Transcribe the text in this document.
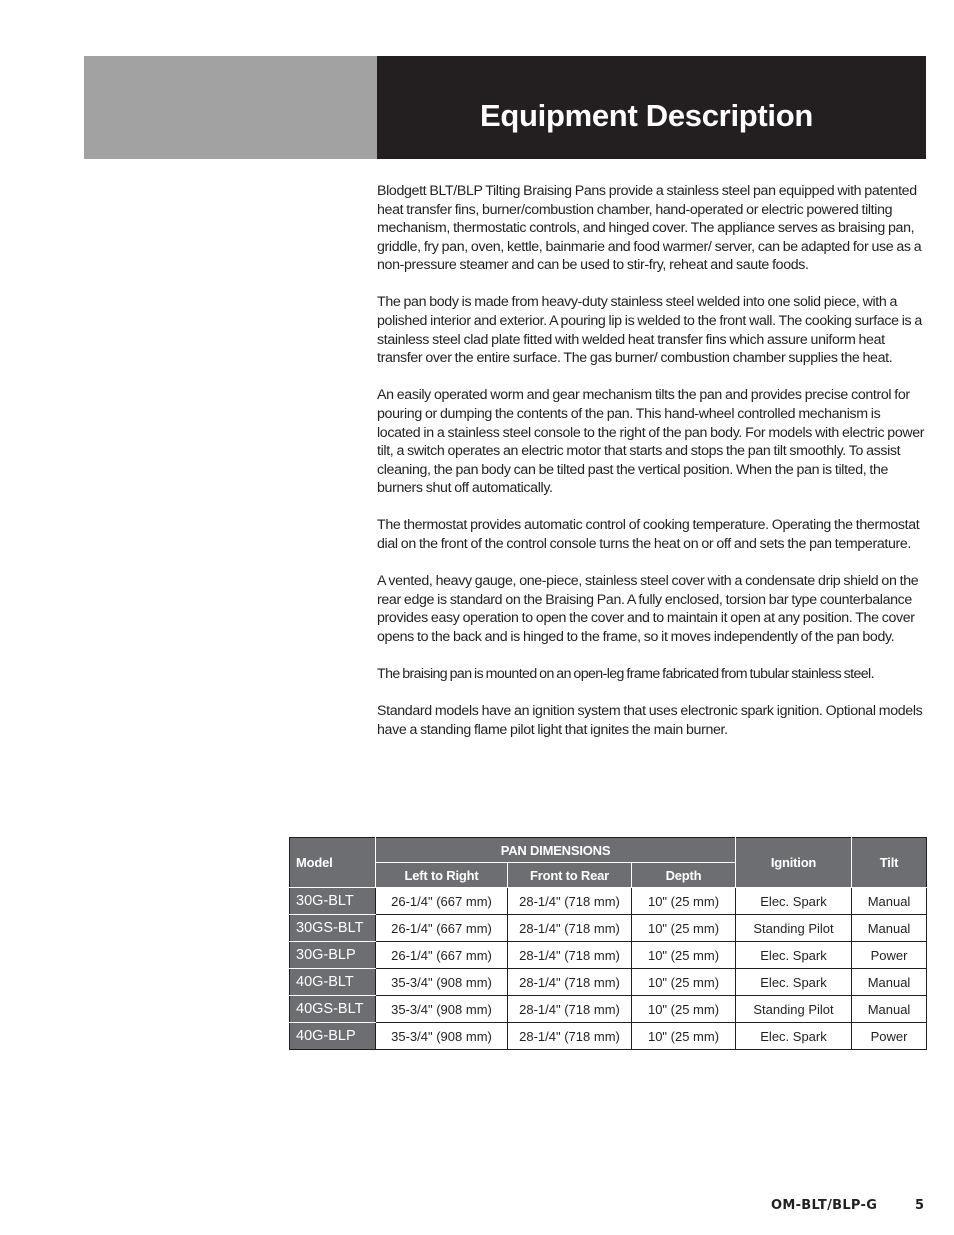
Equipment Description

Blodgett BLT/BLP Tilting Braising Pans provide a stainless steel pan equipped with patented heat transfer fins, burner/combustion chamber, hand-operated or electric powered tilting mechanism, thermostatic controls, and hinged cover. The appliance serves as braising pan, griddle, fry pan, oven, kettle, bainmarie and food warmer/ server, can be adapted for use as a non-pressure steamer and can be used to stir-fry, reheat and saute foods.

The pan body is made from heavy-duty stainless steel welded into one solid piece, with a polished interior and exterior. A pouring lip is welded to the front wall. The cooking surface is a stainless steel clad plate fitted with welded heat transfer fins which assure uniform heat transfer over the entire surface. The gas burner/ combustion chamber supplies the heat.

An easily operated worm and gear mechanism tilts the pan and provides precise control for pouring or dumping the contents of the pan. This hand-wheel controlled mechanism is located in a stainless steel console to the right of the pan body. For models with electric power tilt, a switch operates an electric motor that starts and stops the pan tilt smoothly. To assist cleaning, the pan body can be tilted past the vertical position. When the pan is tilted, the burners shut off automatically.

The thermostat provides automatic control of cooking temperature. Operating the thermostat dial on the front of the control console turns the heat on or off and sets the pan temperature.

A vented, heavy gauge, one-piece, stainless steel cover with a condensate drip shield on the rear edge is standard on the Braising Pan. A fully enclosed, torsion bar type counterbalance provides easy operation to open the cover and to maintain it open at any position. The cover opens to the back and is hinged to the frame, so it moves independently of the pan body.

The braising pan is mounted on an open-leg frame fabricated from tubular stainless steel.

Standard models have an ignition system that uses electronic spark ignition. Optional models have a standing flame pilot light that ignites the main burner.

Model	PAN DIMENSIONS			Ignition	Tilt
	Left to Right	Front to Rear	Depth		
30G-BLT	26-1/4" (667 mm)	28-1/4" (718 mm)	10" (25 mm)	Elec. Spark	Manual
30GS-BLT	26-1/4" (667 mm)	28-1/4" (718 mm)	10" (25 mm)	Standing Pilot	Manual
30G-BLP	26-1/4" (667 mm)	28-1/4" (718 mm)	10" (25 mm)	Elec. Spark	Power
40G-BLT	35-3/4" (908 mm)	28-1/4" (718 mm)	10" (25 mm)	Elec. Spark	Manual
40GS-BLT	35-3/4" (908 mm)	28-1/4" (718 mm)	10" (25 mm)	Standing Pilot	Manual
40G-BLP	35-3/4" (908 mm)	28-1/4" (718 mm)	10" (25 mm)	Elec. Spark	Power
OM-BLT/BLP-G	5
